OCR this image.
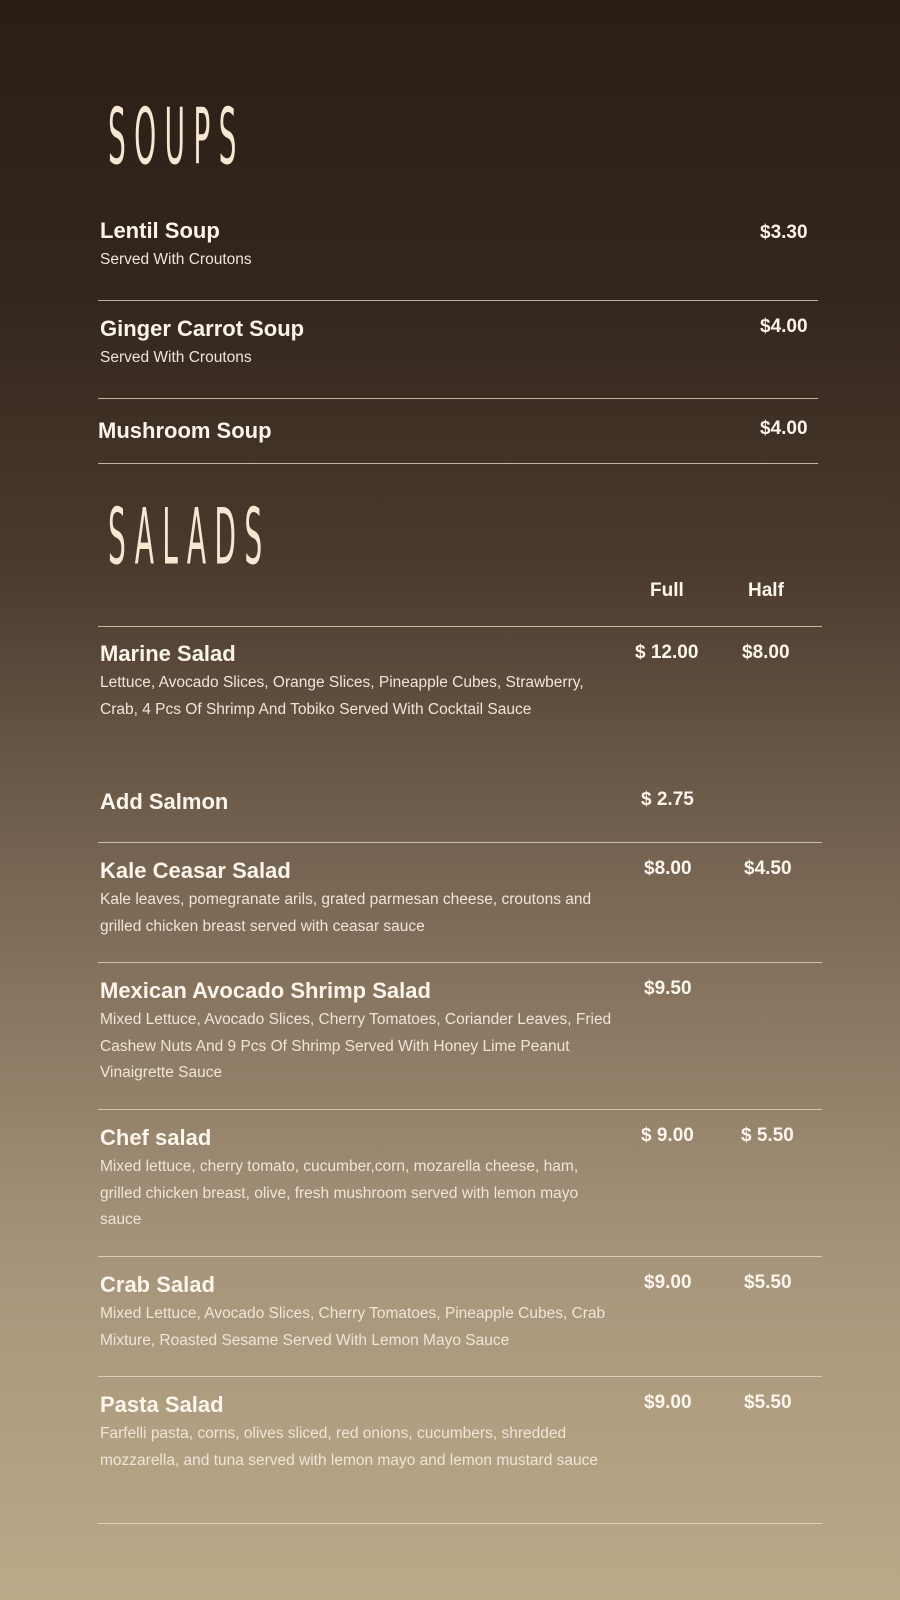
SOUPS
Lentil Soup
Served With Croutons
$3.30
Ginger Carrot Soup
Served With Croutons
$4.00
Mushroom Soup	$4.00
SALADS
Full	Half
Marine Salad
Lettuce, Avocado Slices, Orange Slices, Pineapple Cubes, Strawberry, Crab, 4 Pcs Of Shrimp And Tobiko Served With Cocktail Sauce
$ 12.00 $8.00
Add Salmon	$ 2.75
Kale Ceasar Salad
Kale leaves, pomegranate arils, grated parmesan cheese, croutons and grilled chicken breast served with ceasar sauce
$8.00	$4.50
Mexican Avocado Shrimp Salad
Mixed Lettuce, Avocado Slices, Cherry Tomatoes, Coriander Leaves, Fried Cashew Nuts And 9 Pcs Of Shrimp Served With Honey Lime Peanut Vinaigrette Sauce
$9.50
Chef salad
Mixed lettuce, cherry tomato, cucumber,corn, mozarella cheese, ham, grilled chicken breast, olive, fresh mushroom served with lemon mayo sauce
$ 9.00 $ 5.50
Crab Salad
Mixed Lettuce, Avocado Slices, Cherry Tomatoes, Pineapple Cubes, Crab Mixture, Roasted Sesame Served With Lemon Mayo Sauce
$9.00	$5.50
Pasta Salad
Farfelli pasta, corns, olives sliced, red onions, cucumbers, shredded mozzarella, and tuna served with lemon mayo and lemon mustard sauce
$9.00	$5.50
